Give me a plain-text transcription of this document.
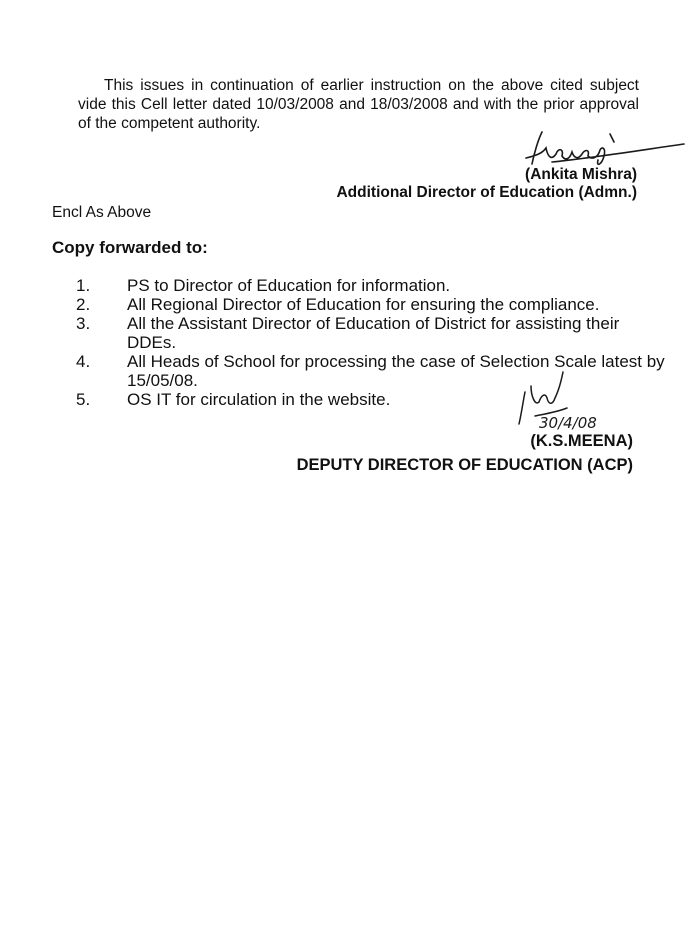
This issues in continuation of earlier instruction on the above cited subject vide this Cell letter dated 10/03/2008 and 18/03/2008 and with the prior approval of the competent authority.
(Ankita Mishra)
Additional Director of Education (Admn.)
Encl As Above
Copy forwarded to:
1.	PS to Director of Education for information.
2.	All Regional Director of Education for ensuring the compliance.
3.	All the Assistant Director of Education of District for assisting their DDEs.
4.	All Heads of School for processing the case of Selection Scale latest by 15/05/08.
5.	OS IT for circulation in the website.
30/4/08
(K.S.MEENA)
DEPUTY DIRECTOR OF EDUCATION (ACP)
